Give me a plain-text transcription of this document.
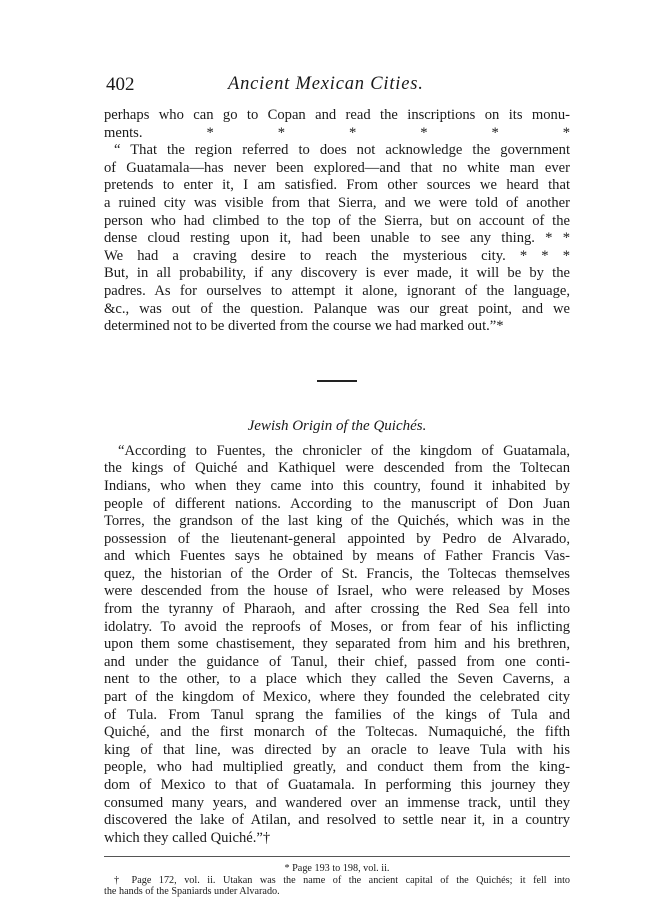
402	Ancient Mexican Cities.
perhaps who can go to Copan and read the inscriptions on its monu-
ments. * * * * * *
“ That the region referred to does not acknowledge the government
of Guatamala—has never been explored—and that no white man ever
pretends to enter it, I am satisfied. From other sources we heard that
a ruined city was visible from that Sierra, and we were told of another
person who had climbed to the top of the Sierra, but on account of the
dense cloud resting upon it, had been unable to see any thing. * *
We had a craving desire to reach the mysterious city. * * *
But, in all probability, if any discovery is ever made, it will be by the
padres. As for ourselves to attempt it alone, ignorant of the language,
&c., was out of the question. Palanque was our great point, and we
determined not to be diverted from the course we had marked out.”*
Jewish Origin of the Quichés.
“According to Fuentes, the chronicler of the kingdom of Guatamala,
the kings of Quiché and Kathiquel were descended from the Toltecan
Indians, who when they came into this country, found it inhabited by
people of different nations. According to the manuscript of Don Juan
Torres, the grandson of the last king of the Quichés, which was in the
possession of the lieutenant-general appointed by Pedro de Alvarado,
and which Fuentes says he obtained by means of Father Francis Vas-
quez, the historian of the Order of St. Francis, the Toltecas themselves
were descended from the house of Israel, who were released by Moses
from the tyranny of Pharaoh, and after crossing the Red Sea fell into
idolatry. To avoid the reproofs of Moses, or from fear of his inflicting
upon them some chastisement, they separated from him and his brethren,
and under the guidance of Tanul, their chief, passed from one conti-
nent to the other, to a place which they called the Seven Caverns, a
part of the kingdom of Mexico, where they founded the celebrated city
of Tula. From Tanul sprang the families of the kings of Tula and
Quiché, and the first monarch of the Toltecas. Numaquiché, the fifth
king of that line, was directed by an oracle to leave Tula with his
people, who had multiplied greatly, and conduct them from the king-
dom of Mexico to that of Guatamala. In performing this journey they
consumed many years, and wandered over an immense track, until they
discovered the lake of Atilan, and resolved to settle near it, in a country
which they called Quiché.”†
* Page 193 to 198, vol. ii.
† Page 172, vol. ii. Utakan was the name of the ancient capital of the Quichés; it fell into
the hands of the Spaniards under Alvarado.
